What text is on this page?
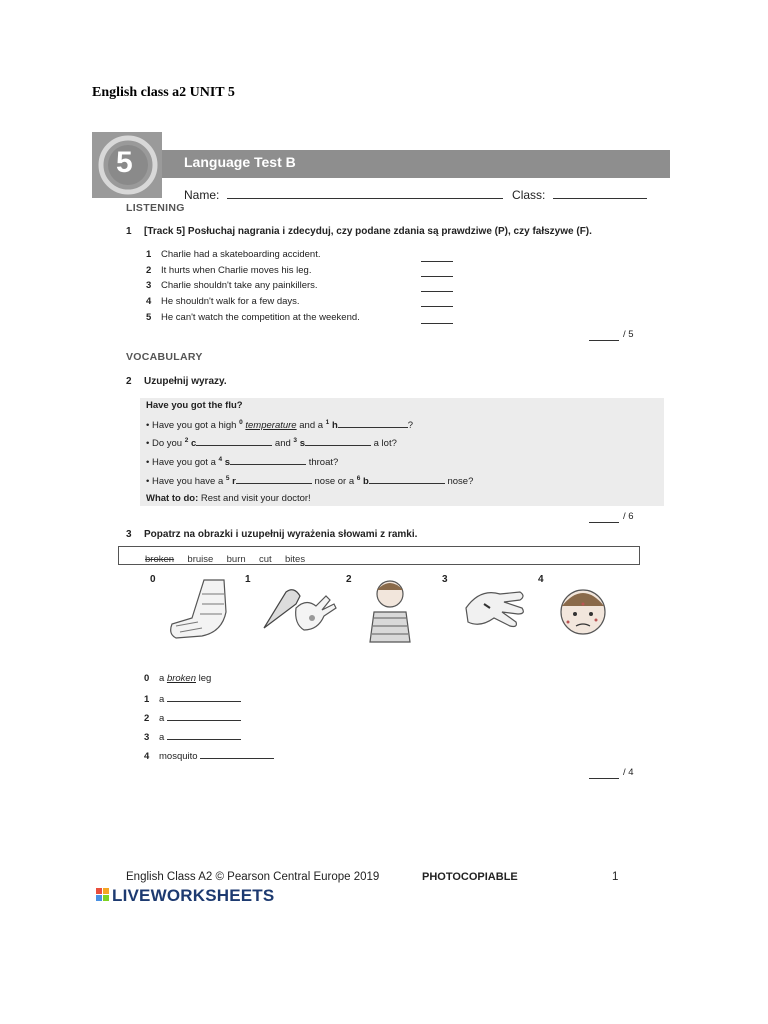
English class a2 UNIT 5
5	Language Test B
Name:	Class:
LISTENING
1 [Track 5] Posłuchaj nagrania i zdecyduj, czy podane zdania są prawdziwe (P), czy fałszywe (F).
1 Charlie had a skateboarding accident.
2 It hurts when Charlie moves his leg.
3 Charlie shouldn't take any painkillers.
4 He shouldn't walk for a few days.
5 He can't watch the competition at the weekend.
/ 5
VOCABULARY
2 Uzupełnij wyrazy.
Have you got the flu?
• Have you got a high $^0$ temperature and a $^1$ h	?
• Do you $^2$ c	and $^3$ s	a lot?
• Have you got a $^4$ s	throat?
• Have you have a $^5$ r	nose or a $^6$ b	nose?
What to do: Rest and visit your doctor!
/ 6
3 Popatrz na obrazki i uzupełnij wyrażenia słowami z ramki.
broken bruise burn cut bites
0	1	2	3	4
0 a broken leg
1 a
2 a
3 a
4 mosquito
/ 4
English Class A2 © Pearson Central Europe 2019	PHOTOCOPIABLE	1
LIVEWORKSHEETS
